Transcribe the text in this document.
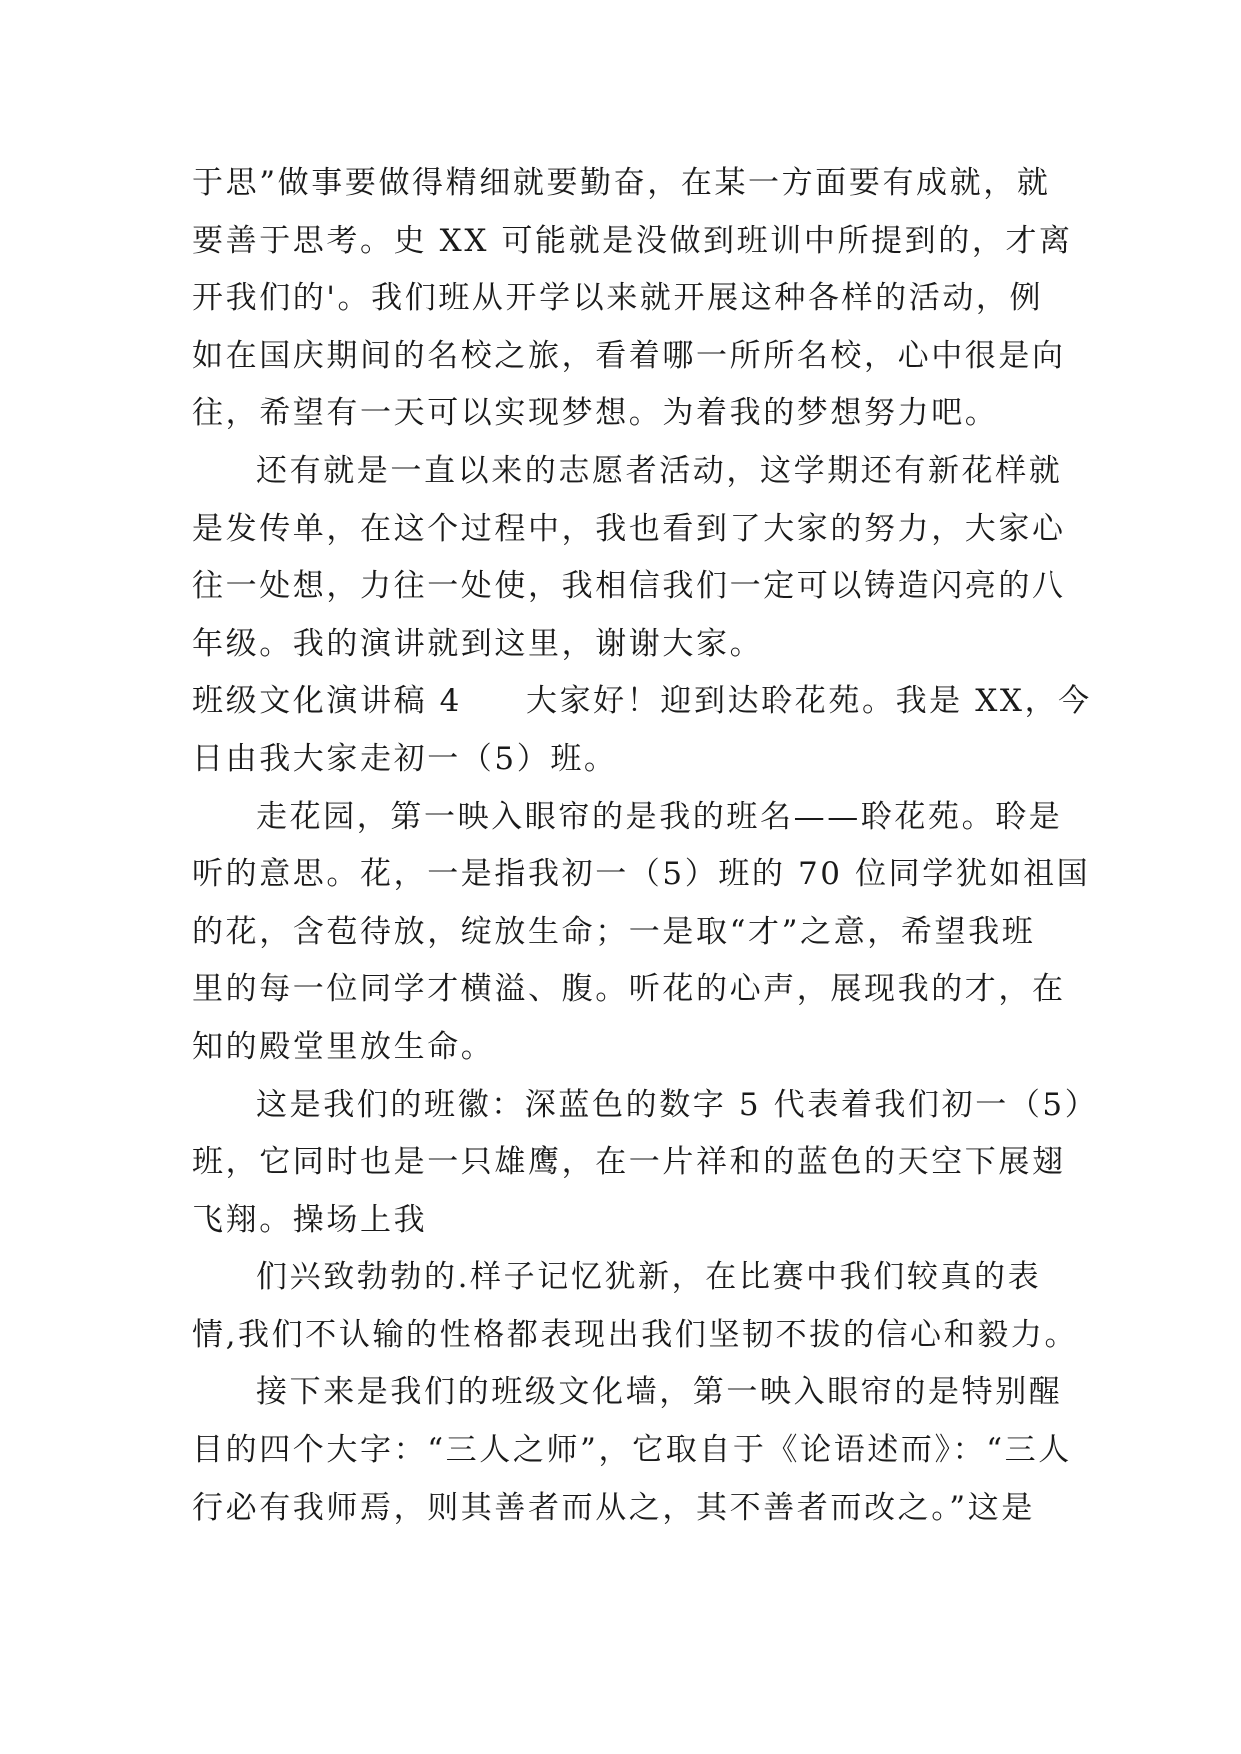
于思”做事要做得精细就要勤奋，在某一方面要有成就，就
要善于思考。史 XX 可能就是没做到班训中所提到的，才离
开我们的'。我们班从开学以来就开展这种各样的活动，例
如在国庆期间的名校之旅，看着哪一所所名校，心中很是向
往，希望有一天可以实现梦想。为着我的梦想努力吧。
还有就是一直以来的志愿者活动，这学期还有新花样就
是发传单，在这个过程中，我也看到了大家的努力，大家心
往一处想，力往一处使，我相信我们一定可以铸造闪亮的八
年级。我的演讲就到这里，谢谢大家。
班级文化演讲稿 4 大家好！迎到达聆花苑。我是 XX，今
日由我大家走初一（5）班。
走花园，第一映入眼帘的是我的班名——聆花苑。聆是
听的意思。花，一是指我初一（5）班的 70 位同学犹如祖国
的花，含苞待放，绽放生命；一是取“才”之意，希望我班
里的每一位同学才横溢、腹。听花的心声，展现我的才，在
知的殿堂里放生命。
这是我们的班徽：深蓝色的数字 5 代表着我们初一（5）
班，它同时也是一只雄鹰，在一片祥和的蓝色的天空下展翅
飞翔。操场上我
们兴致勃勃的.样子记忆犹新，在比赛中我们较真的表
情,我们不认输的性格都表现出我们坚韧不拔的信心和毅力。
接下来是我们的班级文化墙，第一映入眼帘的是特别醒
目的四个大字：“三人之师”，它取自于《论语述而》：“三人
行必有我师焉，则其善者而从之，其不善者而改之。”这是
